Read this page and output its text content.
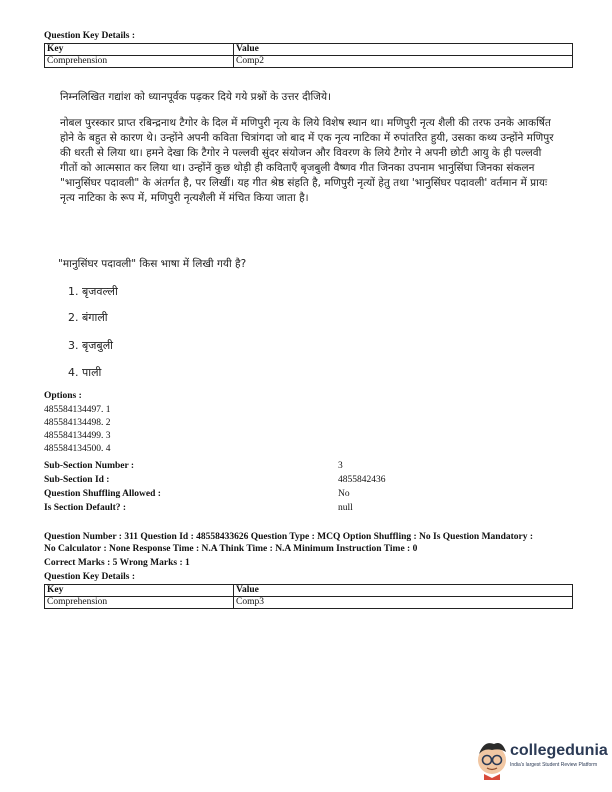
Question Key Details :
Key	Value
Comprehension	Comp2
निम्नलिखित गद्यांश को ध्यानपूर्वक पढ़कर दिये गये प्रश्नों के उत्तर दीजिये।
नोबल पुरस्कार प्राप्त रबिन्द्रनाथ टैगोर के दिल में मणिपुरी नृत्य के लिये विशेष स्थान था। मणिपुरी नृत्य शैली की तरफ उनके आकर्षित होने के बहुत से कारण थे। उन्होंने अपनी कविता चित्रांगदा जो बाद में एक नृत्य नाटिका में रुपांतरित हुयी, उसका कथ्य उन्होंने मणिपुर की धरती से लिया था। हमने देखा कि टैगोर ने पल्लवी सुंदर संयोजन और विवरण के लिये टैगोर ने अपनी छोटी आयु के ही पल्लवी गीतों को आत्मसात कर लिया था। उन्होंनें कुछ थोड़ी ही कविताएँ बृजबुली वैष्णव गीत जिनका उपनाम भानुसिंघा जिनका संकलन "भानुसिंघर पदावली" के अंतर्गत है, पर लिखीं। यह गीत श्रेष्ठ संहति है, मणिपुरी नृत्यों हेतु तथा 'भानुसिंघर पदावली' वर्तमान में प्रायः नृत्य नाटिका के रूप में, मणिपुरी नृत्यशैली में मंचित किया जाता है।
"मानुसिंघर पदावली" किस भाषा में लिखी गयी है?
1. बृजवल्ली
2. बंगाली
3. बृजबुली
4. पाली
Options :
485584134497. 1
485584134498. 2
485584134499. 3
485584134500. 4
Sub-Section Number :	3
Sub-Section Id :	4855842436
Question Shuffling Allowed :	No
Is Section Default? :	null
Question Number : 311 Question Id : 48558433626 Question Type : MCQ Option Shuffling : No Is Question Mandatory :
No Calculator : None Response Time : N.A Think Time : N.A Minimum Instruction Time : 0
Correct Marks : 5 Wrong Marks : 1
Question Key Details :
Key	Value
Comprehension	Comp3
collegedunia
India's largest Student Review Platform
